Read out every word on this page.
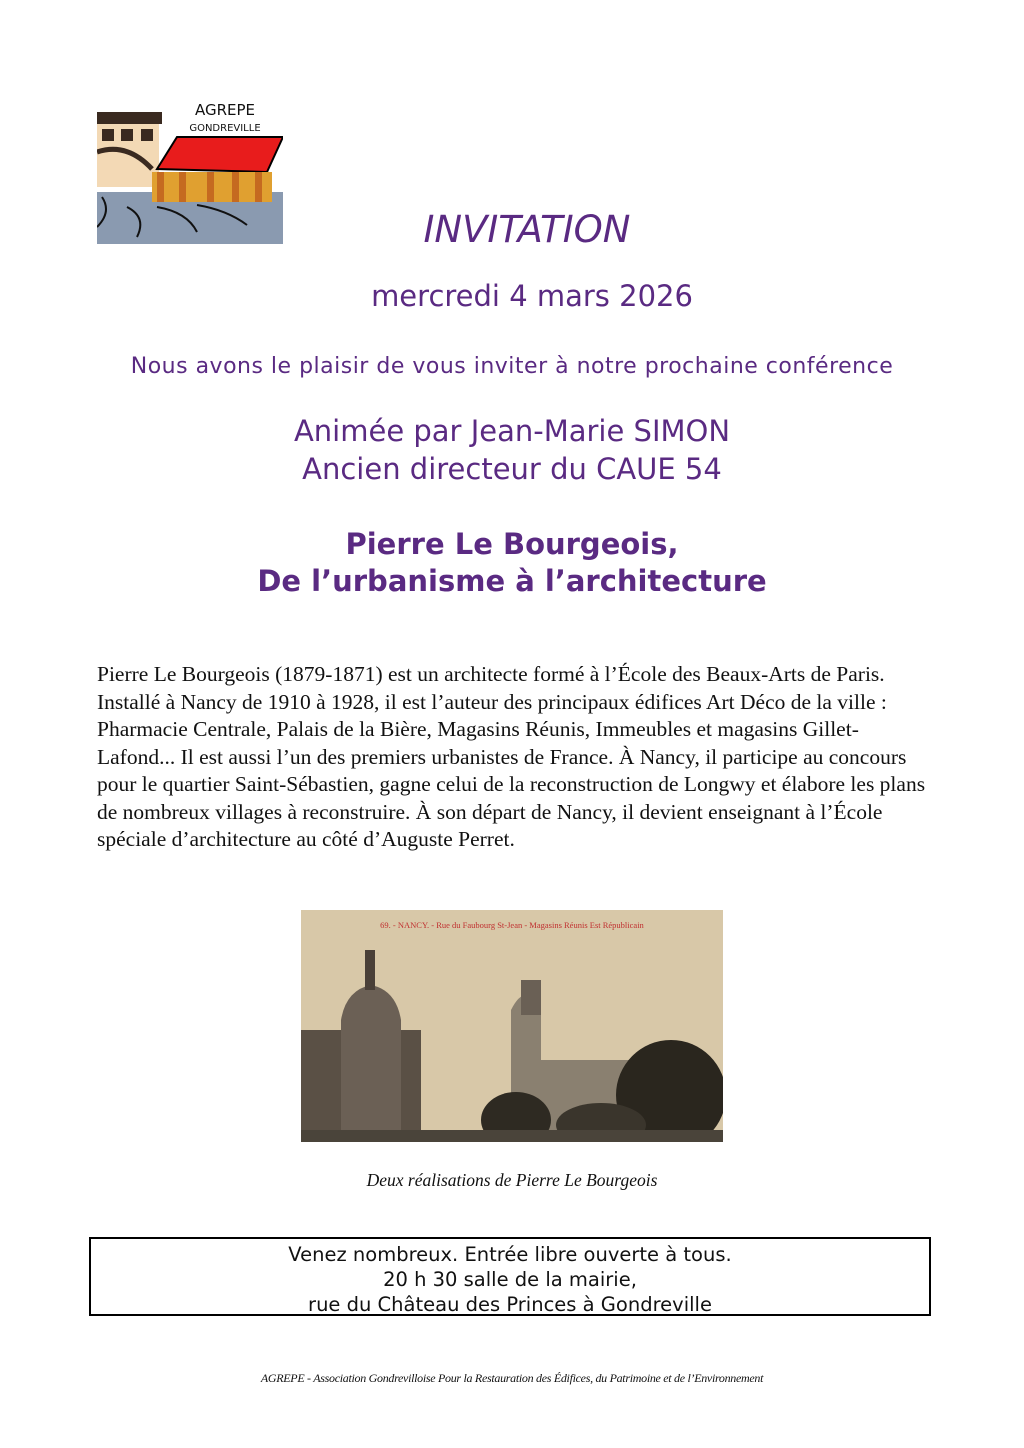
AGREPE
GONDREVILLE
INVITATION
mercredi 4 mars 2026
Nous avons le plaisir de vous inviter à notre prochaine conférence
Animée par Jean-Marie SIMON
Ancien directeur du CAUE 54
Pierre Le Bourgeois,
De l’urbanisme à l’architecture
Pierre Le Bourgeois (1879-1871) est un architecte formé à l’École des Beaux-Arts de Paris. Installé à Nancy de 1910 à 1928, il est l’auteur des principaux édifices Art Déco de la ville : Pharmacie Centrale, Palais de la Bière, Magasins Réunis, Immeubles et magasins Gillet-Lafond... Il est aussi l’un des premiers urbanistes de France. À Nancy, il participe au concours pour le quartier Saint-Sébastien, gagne celui de la reconstruction de Longwy et élabore les plans de nombreux villages à reconstruire. À son départ de Nancy, il devient enseignant à l’École spéciale d’architecture au côté d’Auguste Perret.
69. - NANCY. - Rue du Faubourg St-Jean - Magasins Réunis Est Républicain
Deux réalisations de Pierre Le Bourgeois
Venez nombreux. Entrée libre ouverte à tous.
20 h 30 salle de la mairie,
rue du Château des Princes à Gondreville
AGREPE - Association Gondrevilloise Pour la Restauration des Édifices, du Patrimoine et de l’Environnement
